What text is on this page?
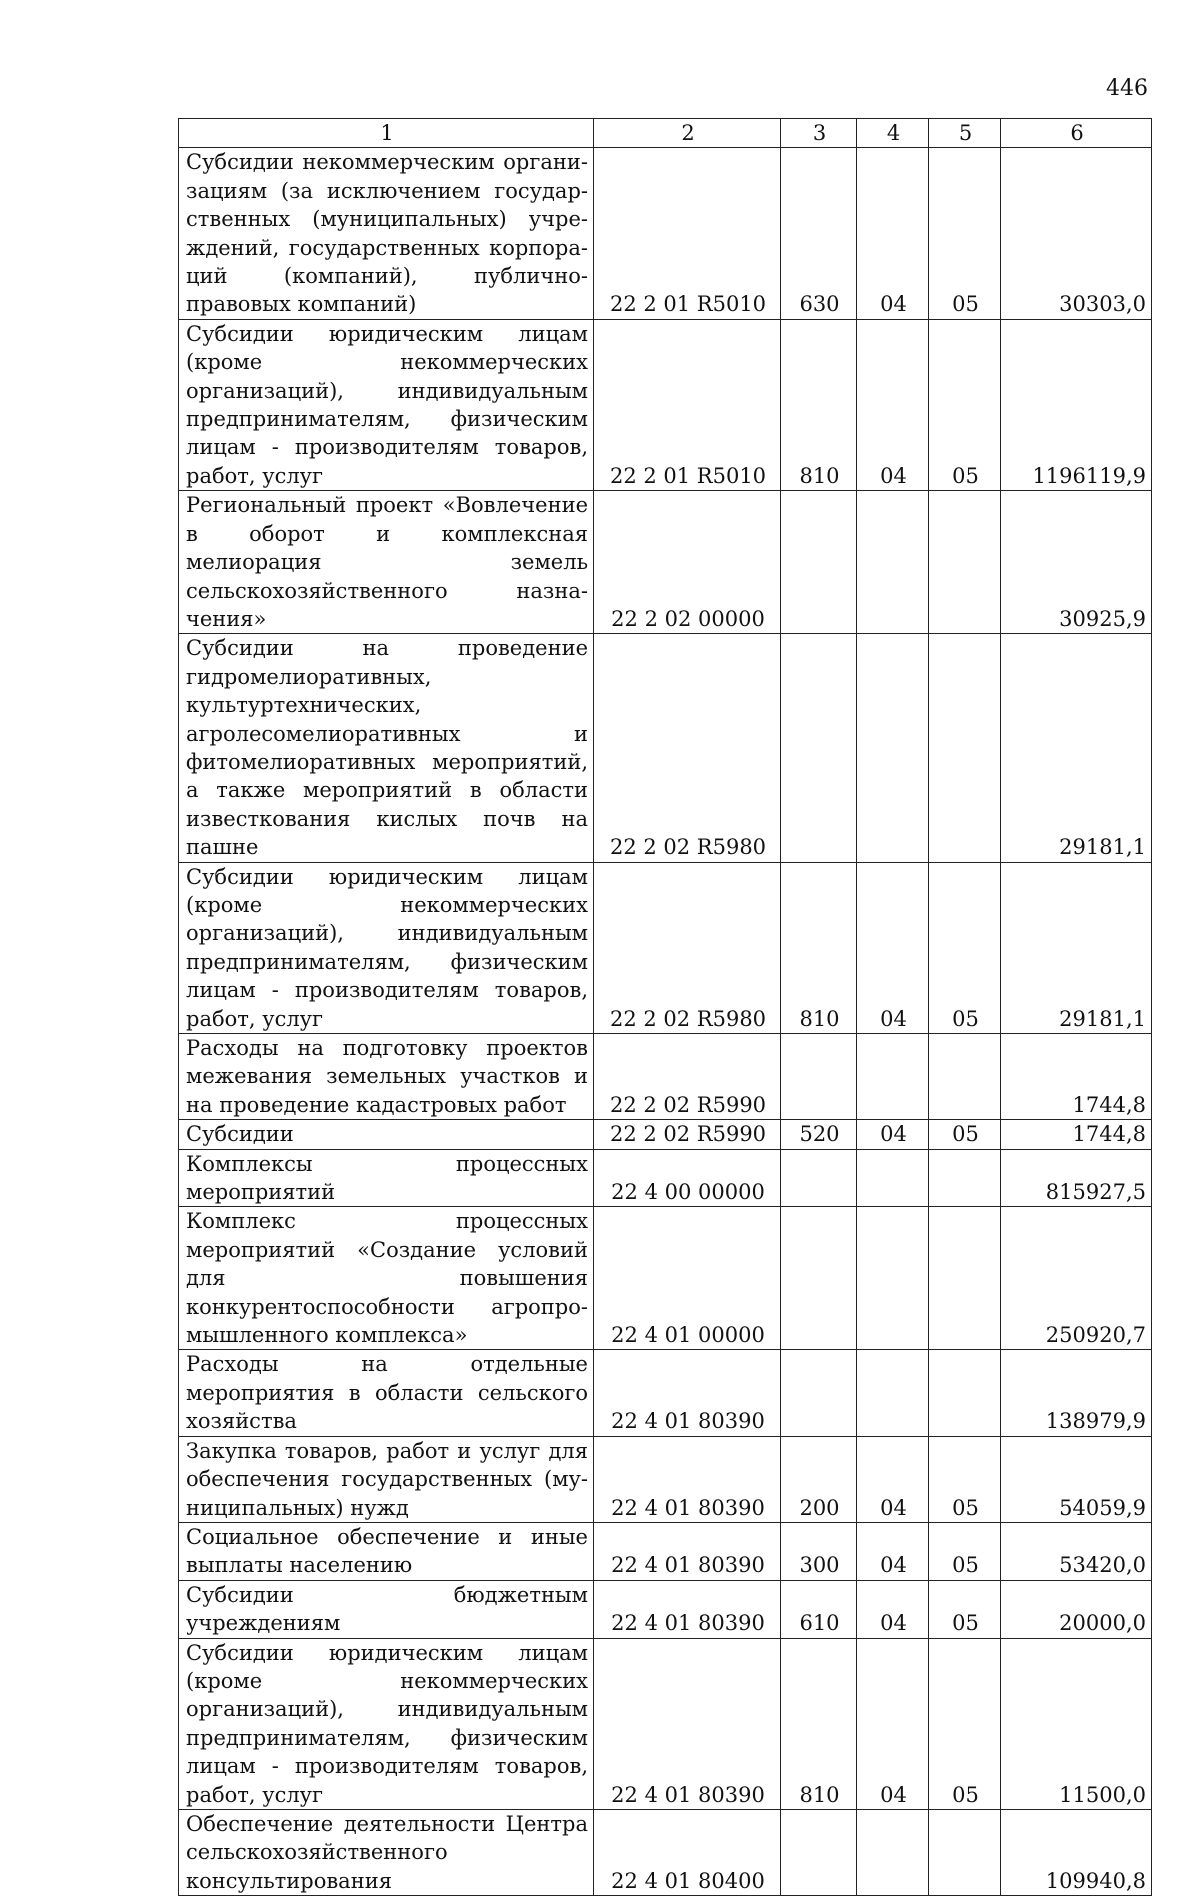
446
1	2	3	4	5	6
Субсидии некоммерческим организациям (за исключением государственных (муниципальных) учреждений, государственных корпораций (компаний), публично-правовых компаний)	22 2 01 R5010	630	04	05	30303,0
Субсидии юридическим лицам (кроме некоммерческих организаций), индивидуальным предпринимателям, физическим лицам - производителям товаров, работ, услуг	22 2 01 R5010	810	04	05	1196119,9
Региональный проект «Вовлечение в оборот и комплексная мелиорация земель сельскохозяйственного назначения»	22 2 02 00000				30925,9
Субсидии на проведение гидромелиоративных, культуртехнических, агролесомелиоративных и фитомелиоративных мероприятий, а также мероприятий в области известкования кислых почв на пашне	22 2 02 R5980				29181,1
Субсидии юридическим лицам (кроме некоммерческих организаций), индивидуальным предпринимателям, физическим лицам - производителям товаров, работ, услуг	22 2 02 R5980	810	04	05	29181,1
Расходы на подготовку проектов межевания земельных участков и на проведение кадастровых работ	22 2 02 R5990				1744,8
Субсидии	22 2 02 R5990	520	04	05	1744,8
Комплексы процессных мероприятий	22 4 00 00000				815927,5
Комплекс процессных мероприятий «Создание условий для повышения конкурентоспособности агропромышленного комплекса»	22 4 01 00000				250920,7
Расходы на отдельные мероприятия в области сельского хозяйства	22 4 01 80390				138979,9
Закупка товаров, работ и услуг для обеспечения государственных (муниципальных) нужд	22 4 01 80390	200	04	05	54059,9
Социальное обеспечение и иные выплаты населению	22 4 01 80390	300	04	05	53420,0
Субсидии бюджетным учреждениям	22 4 01 80390	610	04	05	20000,0
Субсидии юридическим лицам (кроме некоммерческих организаций), индивидуальным предпринимателям, физическим лицам - производителям товаров, работ, услуг	22 4 01 80390	810	04	05	11500,0
Обеспечение деятельности Центра сельскохозяйственного консультирования	22 4 01 80400				109940,8
